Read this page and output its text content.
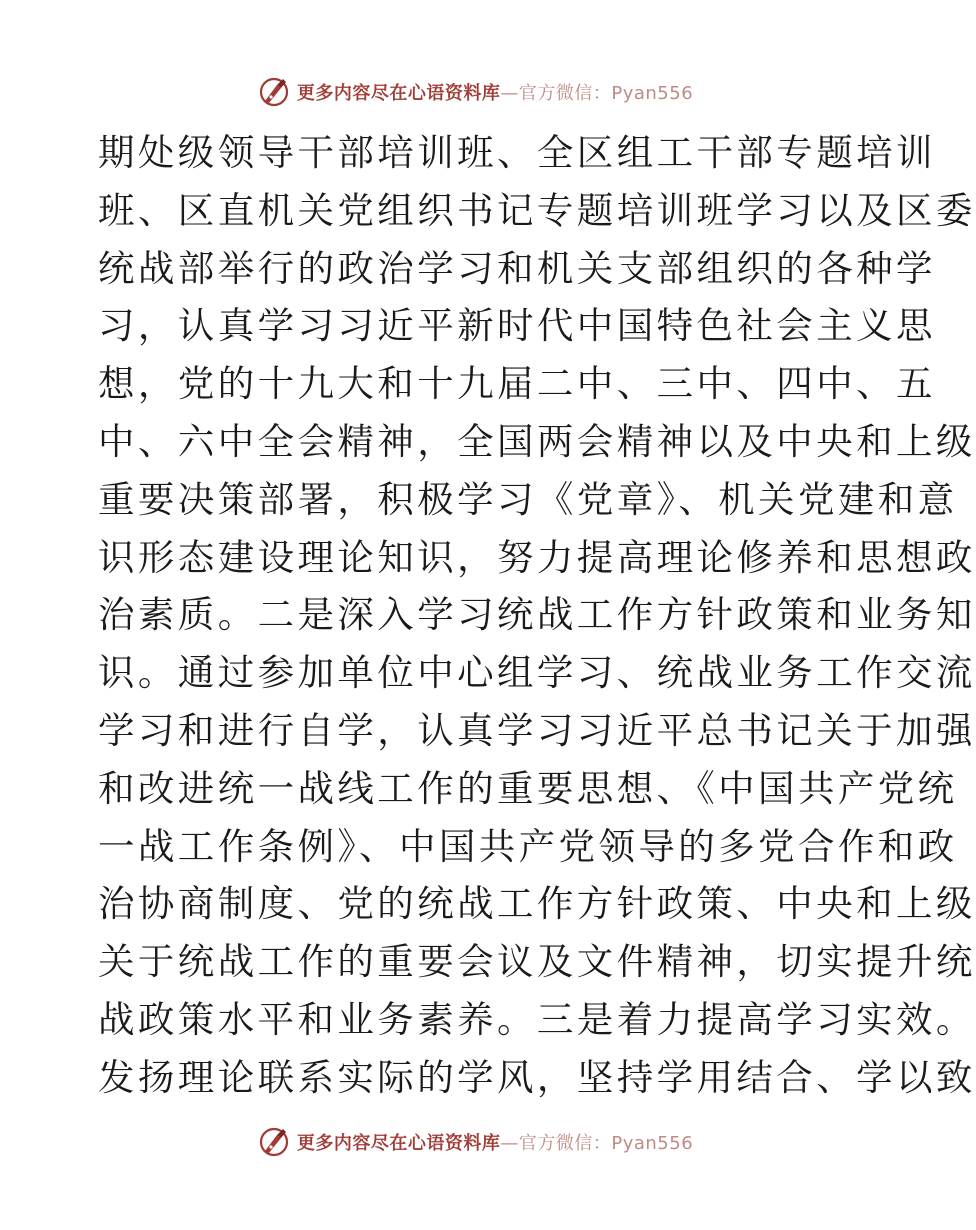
更多内容尽在心语资料库—官方微信：Pyan556
期处级领导干部培训班、全区组工干部专题培训
班、区直机关党组织书记专题培训班学习以及区委
统战部举行的政治学习和机关支部组织的各种学
习，认真学习习近平新时代中国特色社会主义思
想，党的十九大和十九届二中、三中、四中、五
中、六中全会精神，全国两会精神以及中央和上级
重要决策部署，积极学习《党章》、机关党建和意
识形态建设理论知识，努力提高理论修养和思想政
治素质。二是深入学习统战工作方针政策和业务知
识。通过参加单位中心组学习、统战业务工作交流
学习和进行自学，认真学习习近平总书记关于加强
和改进统一战线工作的重要思想、《中国共产党统
一战工作条例》、中国共产党领导的多党合作和政
治协商制度、党的统战工作方针政策、中央和上级
关于统战工作的重要会议及文件精神，切实提升统
战政策水平和业务素养。三是着力提高学习实效。
发扬理论联系实际的学风，坚持学用结合、学以致
更多内容尽在心语资料库—官方微信：Pyan556
